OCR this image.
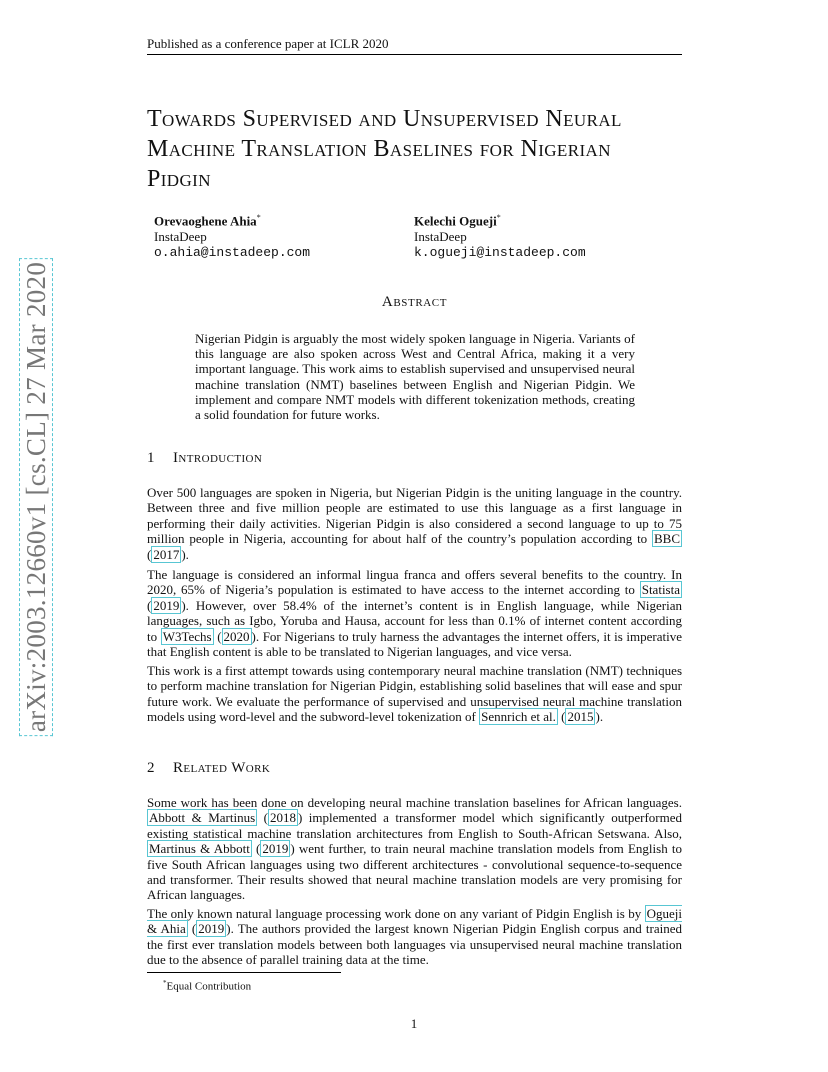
Published as a conference paper at ICLR 2020
arXiv:2003.12660v1 [cs.CL] 27 Mar 2020
Towards Supervised and Unsupervised Neural
Machine Translation Baselines for Nigerian
Pidgin
Orevaoghene Ahia*
InstaDeep
o.ahia@instadeep.com
Kelechi Ogueji*
InstaDeep
k.ogueji@instadeep.com
Abstract
Nigerian Pidgin is arguably the most widely spoken language in Nigeria. Variants of this language are also spoken across West and Central Africa, making it a very important language. This work aims to establish supervised and unsupervised neural machine translation (NMT) baselines between English and Nigerian Pidgin. We implement and compare NMT models with different tokenization methods, creating a solid foundation for future works.
1 Introduction
Over 500 languages are spoken in Nigeria, but Nigerian Pidgin is the uniting language in the country. Between three and five million people are estimated to use this language as a first language in performing their daily activities. Nigerian Pidgin is also considered a second language to up to 75 million people in Nigeria, accounting for about half of the country’s population according to BBC ( 2017 ).
The language is considered an informal lingua franca and offers several benefits to the country. In 2020, 65% of Nigeria’s population is estimated to have access to the internet according to Statista ( 2019 ). However, over 58.4% of the internet’s content is in English language, while Nigerian languages, such as Igbo, Yoruba and Hausa, account for less than 0.1% of internet content according to W3Techs ( 2020 ). For Nigerians to truly harness the advantages the internet offers, it is imperative that English content is able to be translated to Nigerian languages, and vice versa.
This work is a first attempt towards using contemporary neural machine translation (NMT) techniques to perform machine translation for Nigerian Pidgin, establishing solid baselines that will ease and spur future work. We evaluate the performance of supervised and unsupervised neural machine translation models using word-level and the subword-level tokenization of Sennrich et al. ( 2015 ).
2 Related Work
Some work has been done on developing neural machine translation baselines for African languages. Abbott & Martinus ( 2018 ) implemented a transformer model which significantly outperformed existing statistical machine translation architectures from English to South-African Setswana. Also, Martinus & Abbott ( 2019 ) went further, to train neural machine translation models from English to five South African languages using two different architectures - convolutional sequence-to-sequence and transformer. Their results showed that neural machine translation models are very promising for African languages.
The only known natural language processing work done on any variant of Pidgin English is by Ogueji & Ahia ( 2019 ). The authors provided the largest known Nigerian Pidgin English corpus and trained the first ever translation models between both languages via unsupervised neural machine translation due to the absence of parallel training data at the time.
*Equal Contribution
1
